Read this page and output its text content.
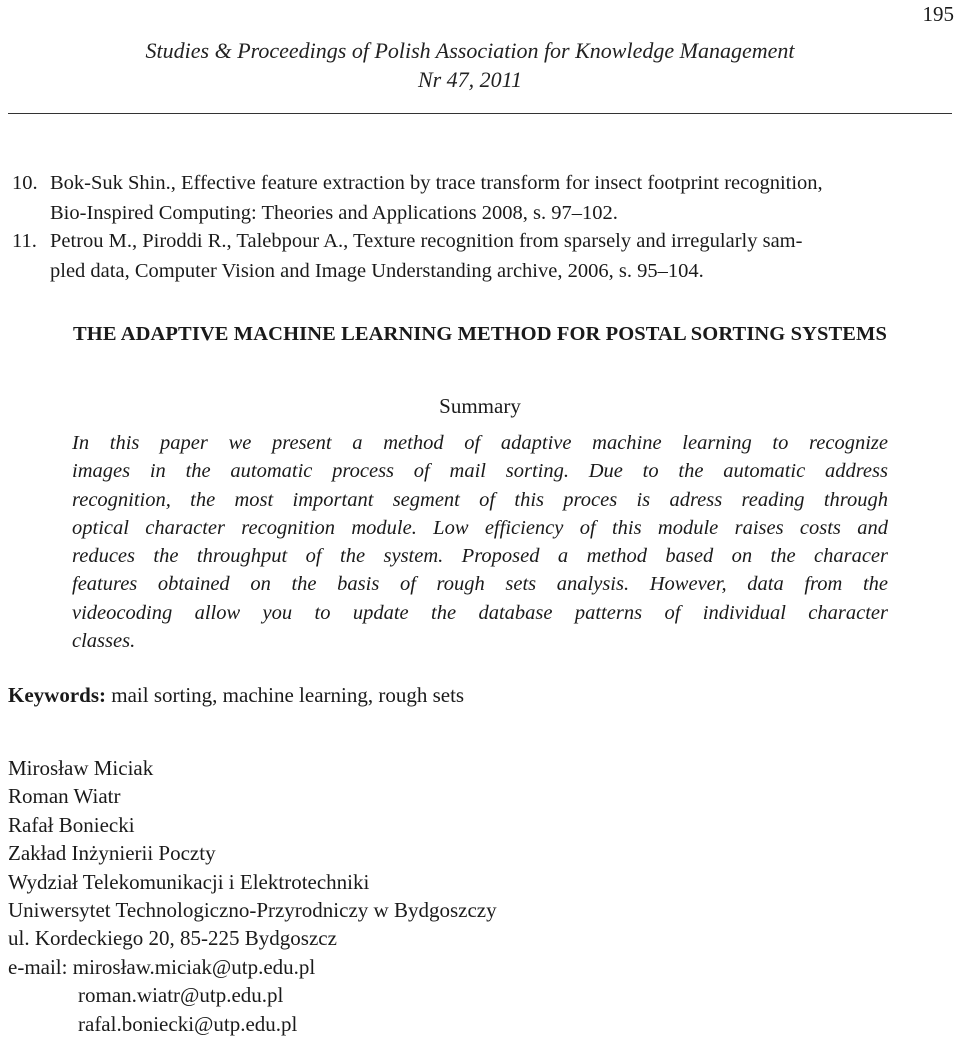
195
Studies & Proceedings of Polish Association for Knowledge Management
Nr 47, 2011
10. Bok-Suk Shin., Effective feature extraction by trace transform for insect footprint recognition,
Bio-Inspired Computing: Theories and Applications 2008, s. 97–102.
11. Petrou M., Piroddi R., Talebpour A., Texture recognition from sparsely and irregularly sam-
pled data, Computer Vision and Image Understanding archive, 2006, s. 95–104.
THE ADAPTIVE MACHINE LEARNING METHOD FOR POSTAL SORTING SYSTEMS
Summary
In this paper we present a method of adaptive machine learning to recognize
images in the automatic process of mail sorting. Due to the automatic address
recognition, the most important segment of this proces is adress reading through
optical character recognition module. Low efficiency of this module raises costs and
reduces the throughput of the system. Proposed a method based on the characer
features obtained on the basis of rough sets analysis. However, data from the
videocoding allow you to update the database patterns of individual character
classes.
Keywords: mail sorting, machine learning, rough sets
Mirosław Miciak
Roman Wiatr
Rafał Boniecki
Zakład Inżynierii Poczty
Wydział Telekomunikacji i Elektrotechniki
Uniwersytet Technologiczno-Przyrodniczy w Bydgoszczy
ul. Kordeckiego 20, 85-225 Bydgoszcz
e-mail: mirosław.miciak@utp.edu.pl
roman.wiatr@utp.edu.pl
rafal.boniecki@utp.edu.pl
